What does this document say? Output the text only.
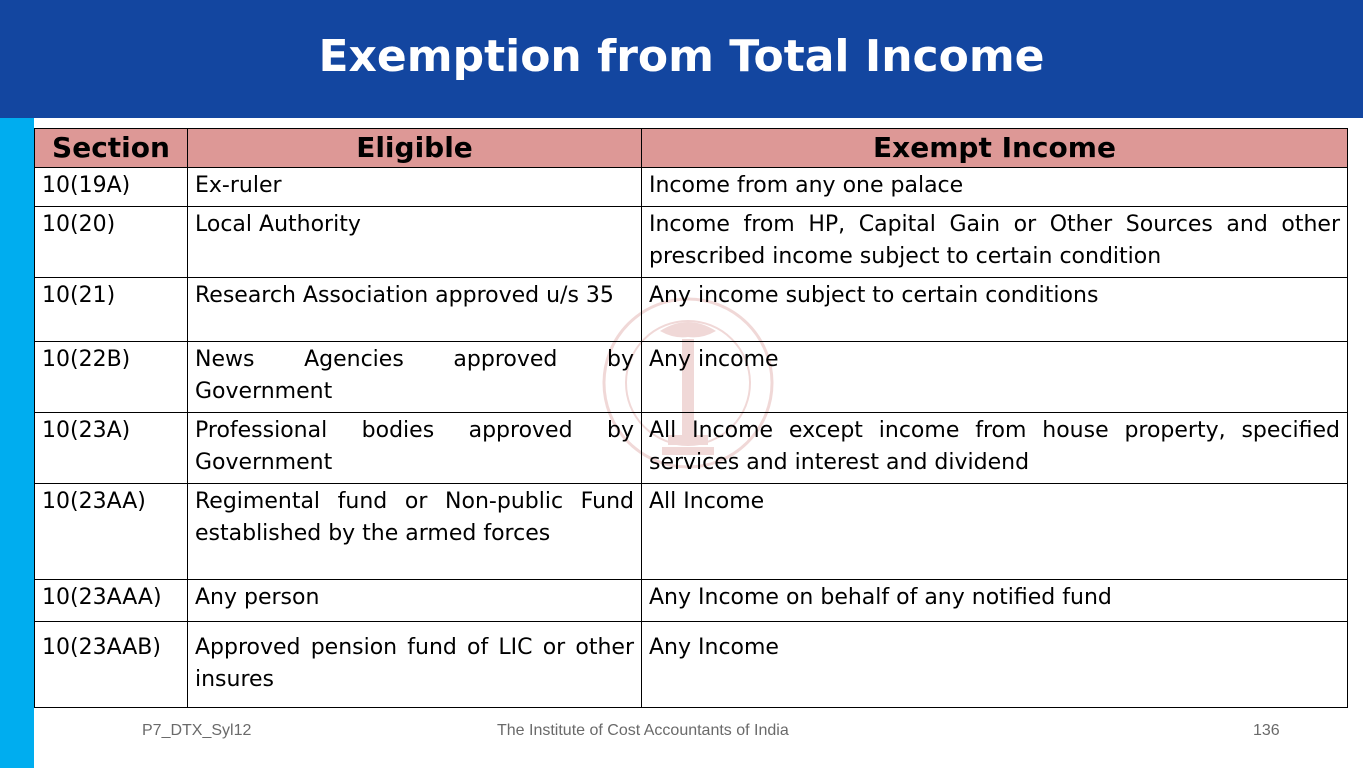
Exemption from Total Income
Section	Eligible	Exempt Income
10(19A)	Ex-ruler	Income from any one palace
10(20)	Local Authority	Income from HP, Capital Gain or Other Sources and other prescribed income subject to certain condition
10(21)	Research Association approved u/s 35	Any income subject to certain conditions
10(22B)	News Agencies approved by Government	Any income
10(23A)	Professional bodies approved by Government	All Income except income from house property, specified services and interest and dividend
10(23AA)	Regimental fund or Non-public Fund established by the armed forces	All Income
10(23AAA)	Any person	Any Income on behalf of any notified fund
10(23AAB)	Approved pension fund of LIC or other insures	Any Income
P7_DTX_Syl12	The Institute of Cost Accountants of India	136
